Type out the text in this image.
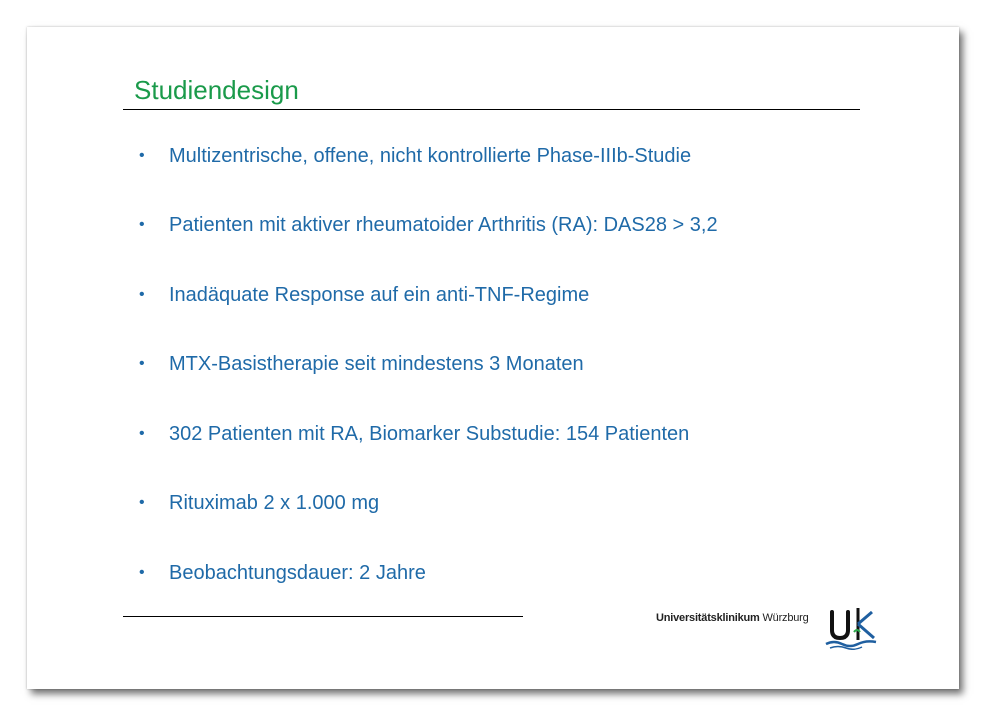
Studiendesign
•	Multizentrische, offene, nicht kontrollierte Phase-IIIb-Studie
•	Patienten mit aktiver rheumatoider Arthritis (RA): DAS28 > 3,2
•	Inadäquate Response auf ein anti-TNF-Regime
•	MTX-Basistherapie seit mindestens 3 Monaten
•	302 Patienten mit RA, Biomarker Substudie: 154 Patienten
•	Rituximab 2 x 1.000 mg
•	Beobachtungsdauer: 2 Jahre
Universitätsklinikum Würzburg
